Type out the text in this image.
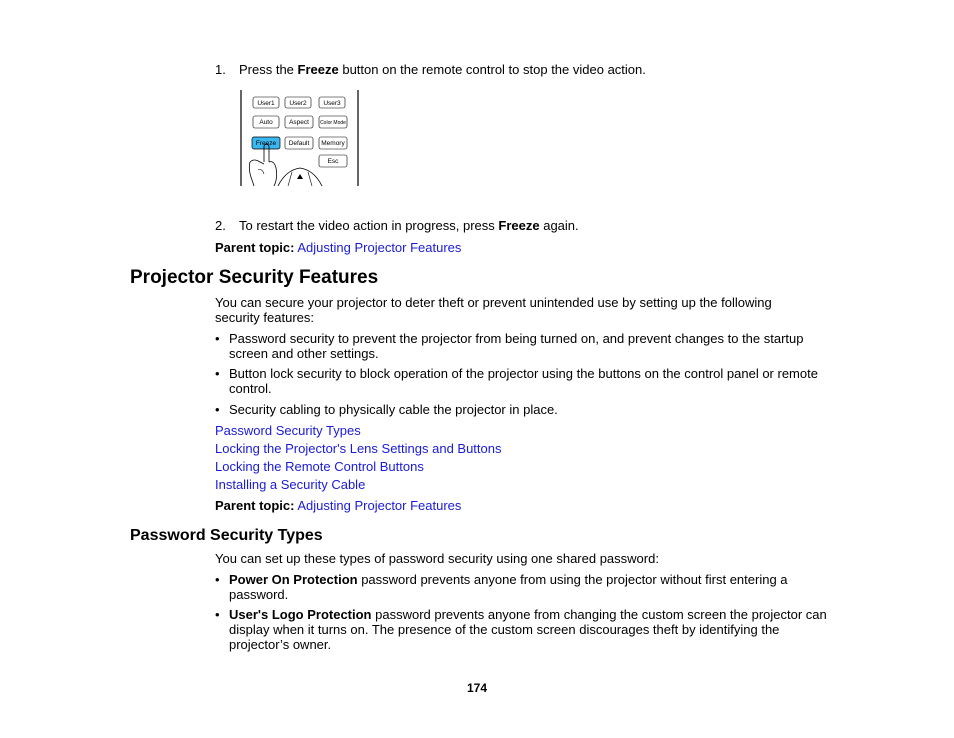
1. Press the Freeze button on the remote control to stop the video action.
User1 User2	User3
Auto	Aspect Color Mode
Freeze Default Memory
Esc
2. To restart the video action in progress, press Freeze again.
Parent topic: Adjusting Projector Features
Projector Security Features
You can secure your projector to deter theft or prevent unintended use by setting up the following security features:
• Password security to prevent the projector from being turned on, and prevent changes to the startup screen and other settings.
• Button lock security to block operation of the projector using the buttons on the control panel or remote control.
• Security cabling to physically cable the projector in place.
Password Security Types
Locking the Projector's Lens Settings and Buttons
Locking the Remote Control Buttons
Installing a Security Cable
Parent topic: Adjusting Projector Features
Password Security Types
You can set up these types of password security using one shared password:
• Power On Protection password prevents anyone from using the projector without first entering a password.
• User's Logo Protection password prevents anyone from changing the custom screen the projector can display when it turns on. The presence of the custom screen discourages theft by identifying the projector’s owner.
174
